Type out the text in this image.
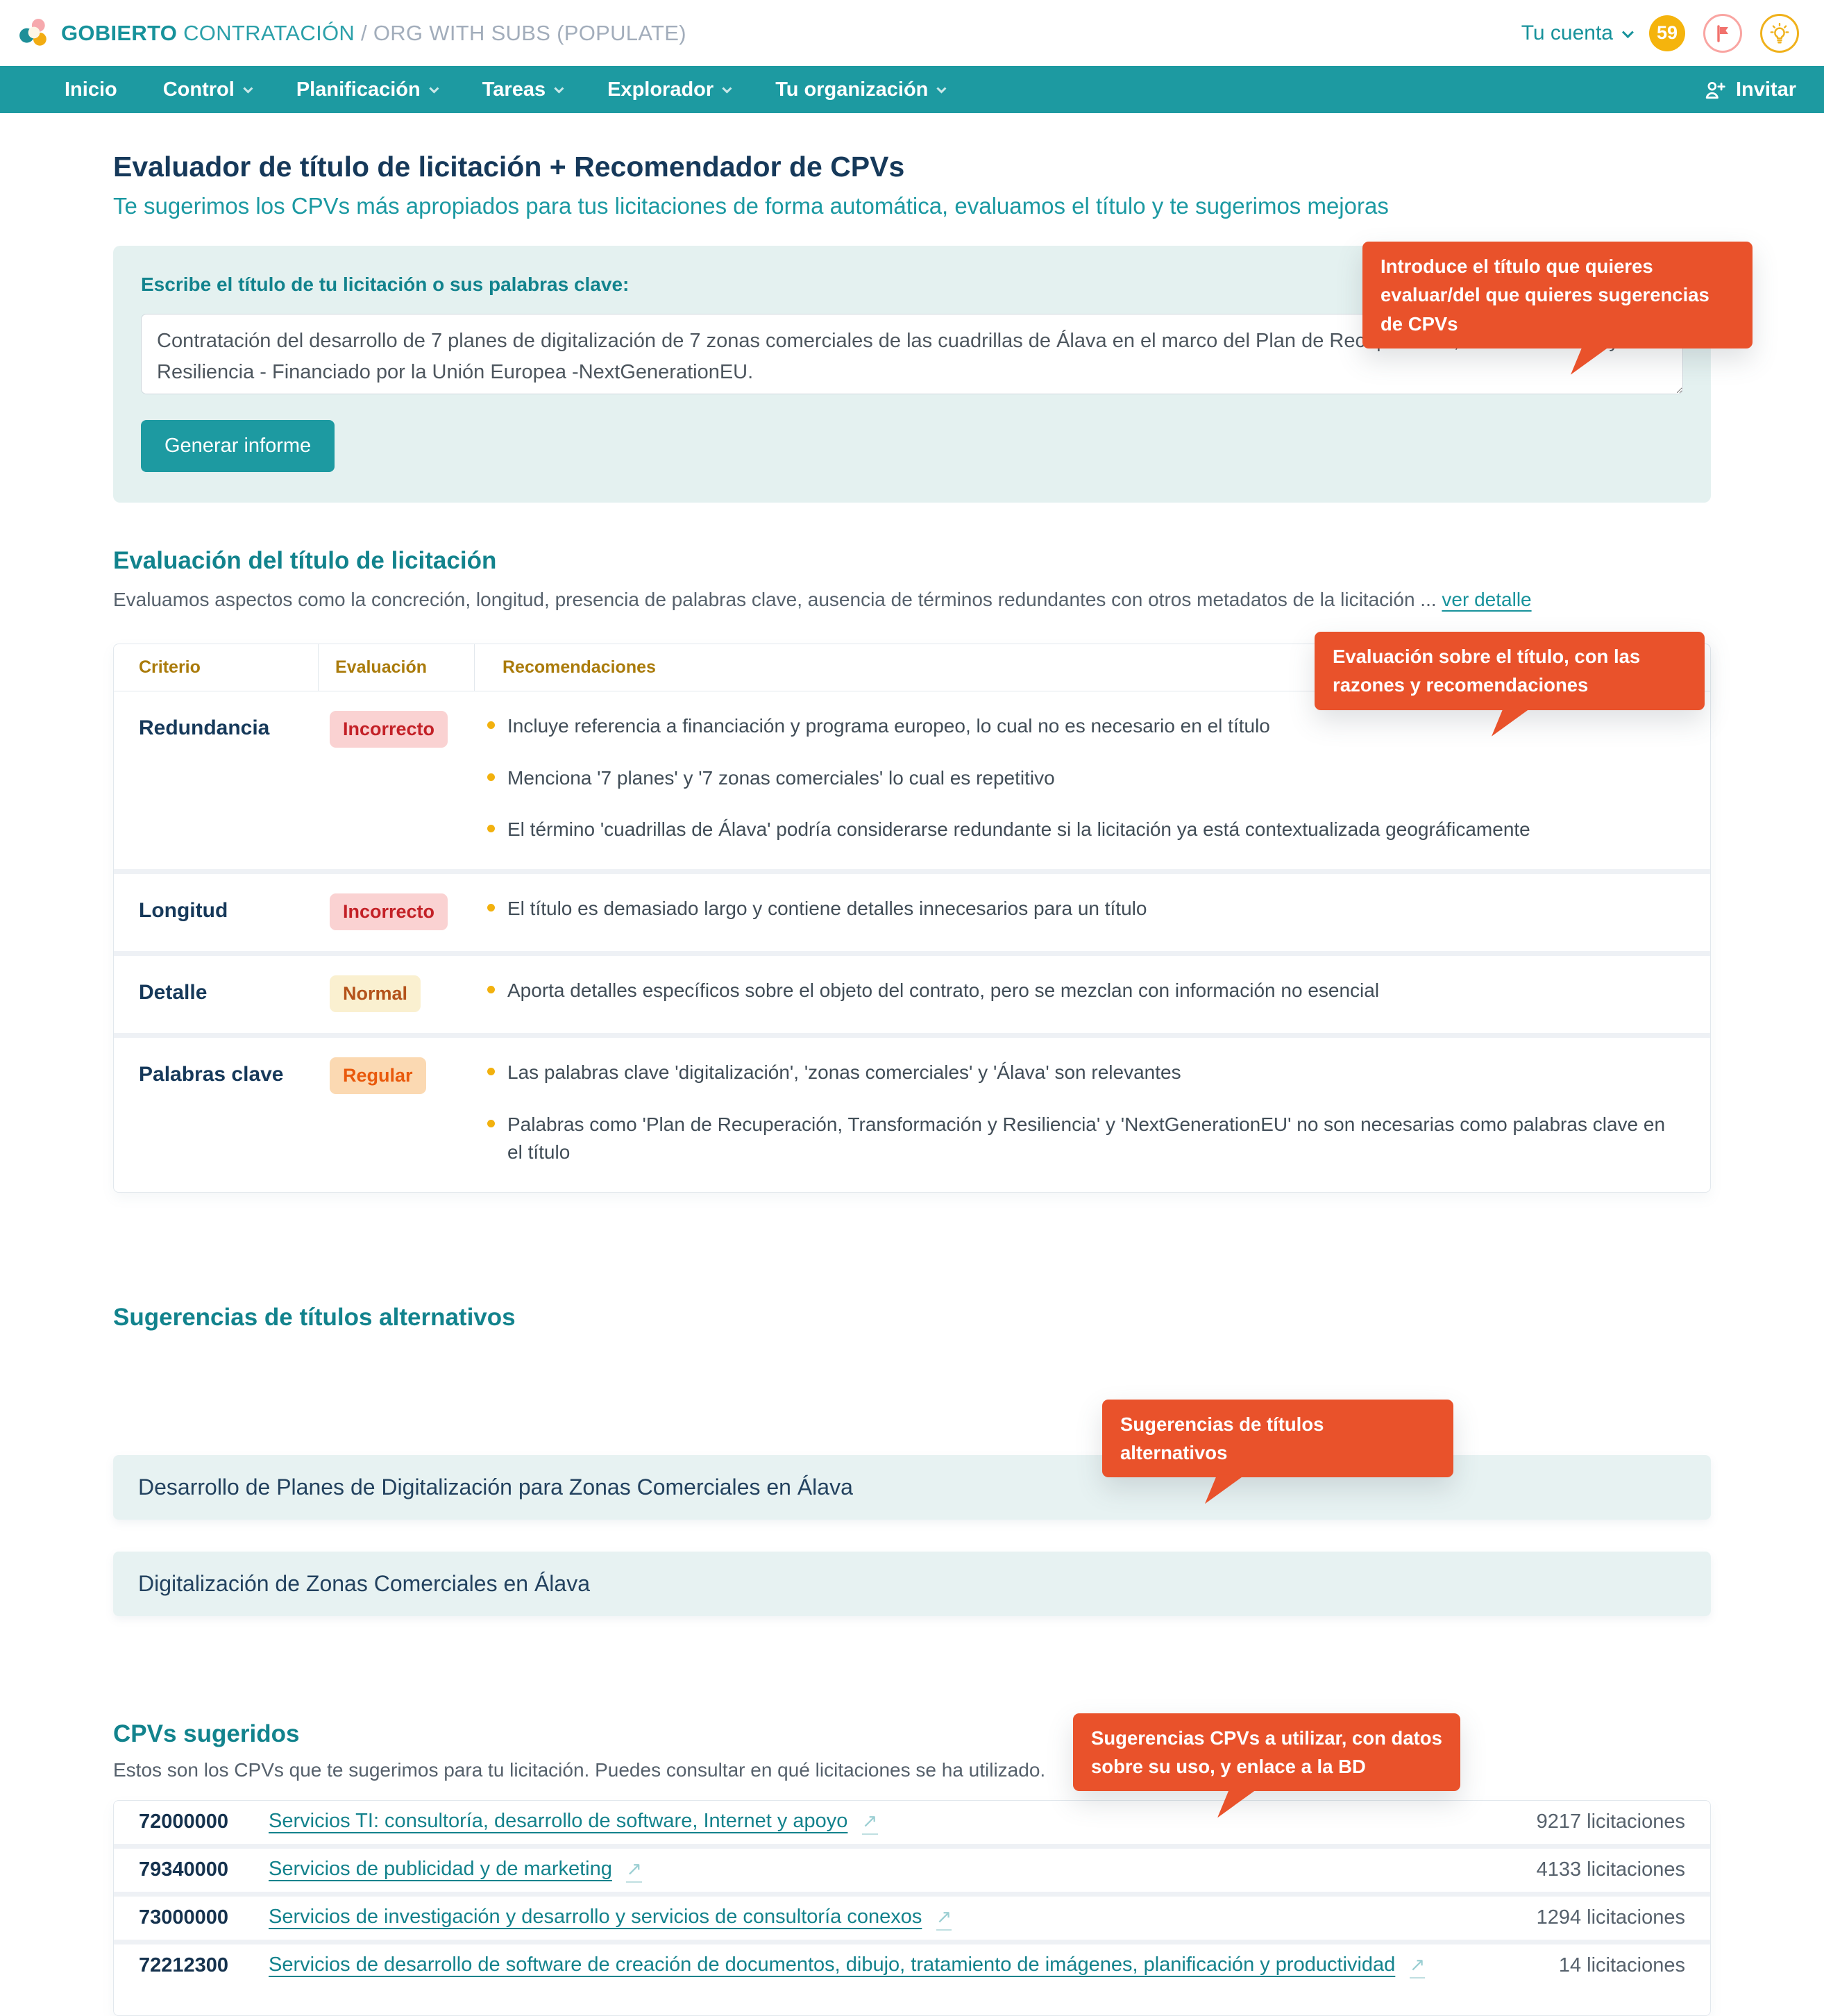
GOBIERTO CONTRATACIÓN / ORG WITH SUBS (POPULATE)	Tu cuenta	59
Inicio Control	Planificación	Tareas	Explorador	Tu organización	Invitar
Evaluador de título de licitación + Recomendador de CPVs

Te sugerimos los CPVs más apropiados para tus licitaciones de forma automática, evaluamos el título y te sugerimos mejoras

Introduce el título que quieres evaluar/del que quieres sugerencias de CPVs
Escribe el título de tu licitación o sus palabras clave:
Contratación del desarrollo de 7 planes de digitalización de 7 zonas comerciales de las cuadrillas de Álava en el marco del Plan de Recuperación, Transformación y Resiliencia - Financiado por la Unión Europea -NextGenerationEU. Generar informe
Evaluación del título de licitación

Evaluamos aspectos como la concreción, longitud, presencia de palabras clave, ausencia de términos redundantes con otros metadatos de la licitación ... ver detalle

Evaluación sobre el título, con las razones y recomendaciones
Criterio	Evaluación	Recomendaciones
Redundancia	Incorrecto	Incluye referencia a financiación y programa europeo, lo cual no es necesario en el título
Menciona '7 planes' y '7 zonas comerciales' lo cual es repetitivo
El término 'cuadrillas de Álava' podría considerarse redundante si la licitación ya está contextualizada geográficamente
Longitud	Incorrecto	El título es demasiado largo y contiene detalles innecesarios para un título
Detalle	Normal	Aporta detalles específicos sobre el objeto del contrato, pero se mezclan con información no esencial
Palabras clave	Regular	Las palabras clave 'digitalización', 'zonas comerciales' y 'Álava' son relevantes
Palabras como 'Plan de Recuperación, Transformación y Resiliencia' y 'NextGenerationEU' no son necesarias como palabras clave en el título
Sugerencias de títulos alternativos
Sugerencias de títulos alternativos
Desarrollo de Planes de Digitalización para Zonas Comerciales en Álava
Digitalización de Zonas Comerciales en Álava
CPVs sugeridos

Estos son los CPVs que te sugerimos para tu licitación. Puedes consultar en qué licitaciones se ha utilizado.

Sugerencias CPVs a utilizar, con datos sobre su uso, y enlace a la BD
72000000	Servicios TI: consultoría, desarrollo de software, Internet y apoyo ↗	9217 licitaciones
79340000	Servicios de publicidad y de marketing ↗	4133 licitaciones
73000000	Servicios de investigación y desarrollo y servicios de consultoría conexos ↗	1294 licitaciones
72212300	Servicios de desarrollo de software de creación de documentos, dibujo, tratamiento de imágenes, planificación y productividad ↗	14 licitaciones
